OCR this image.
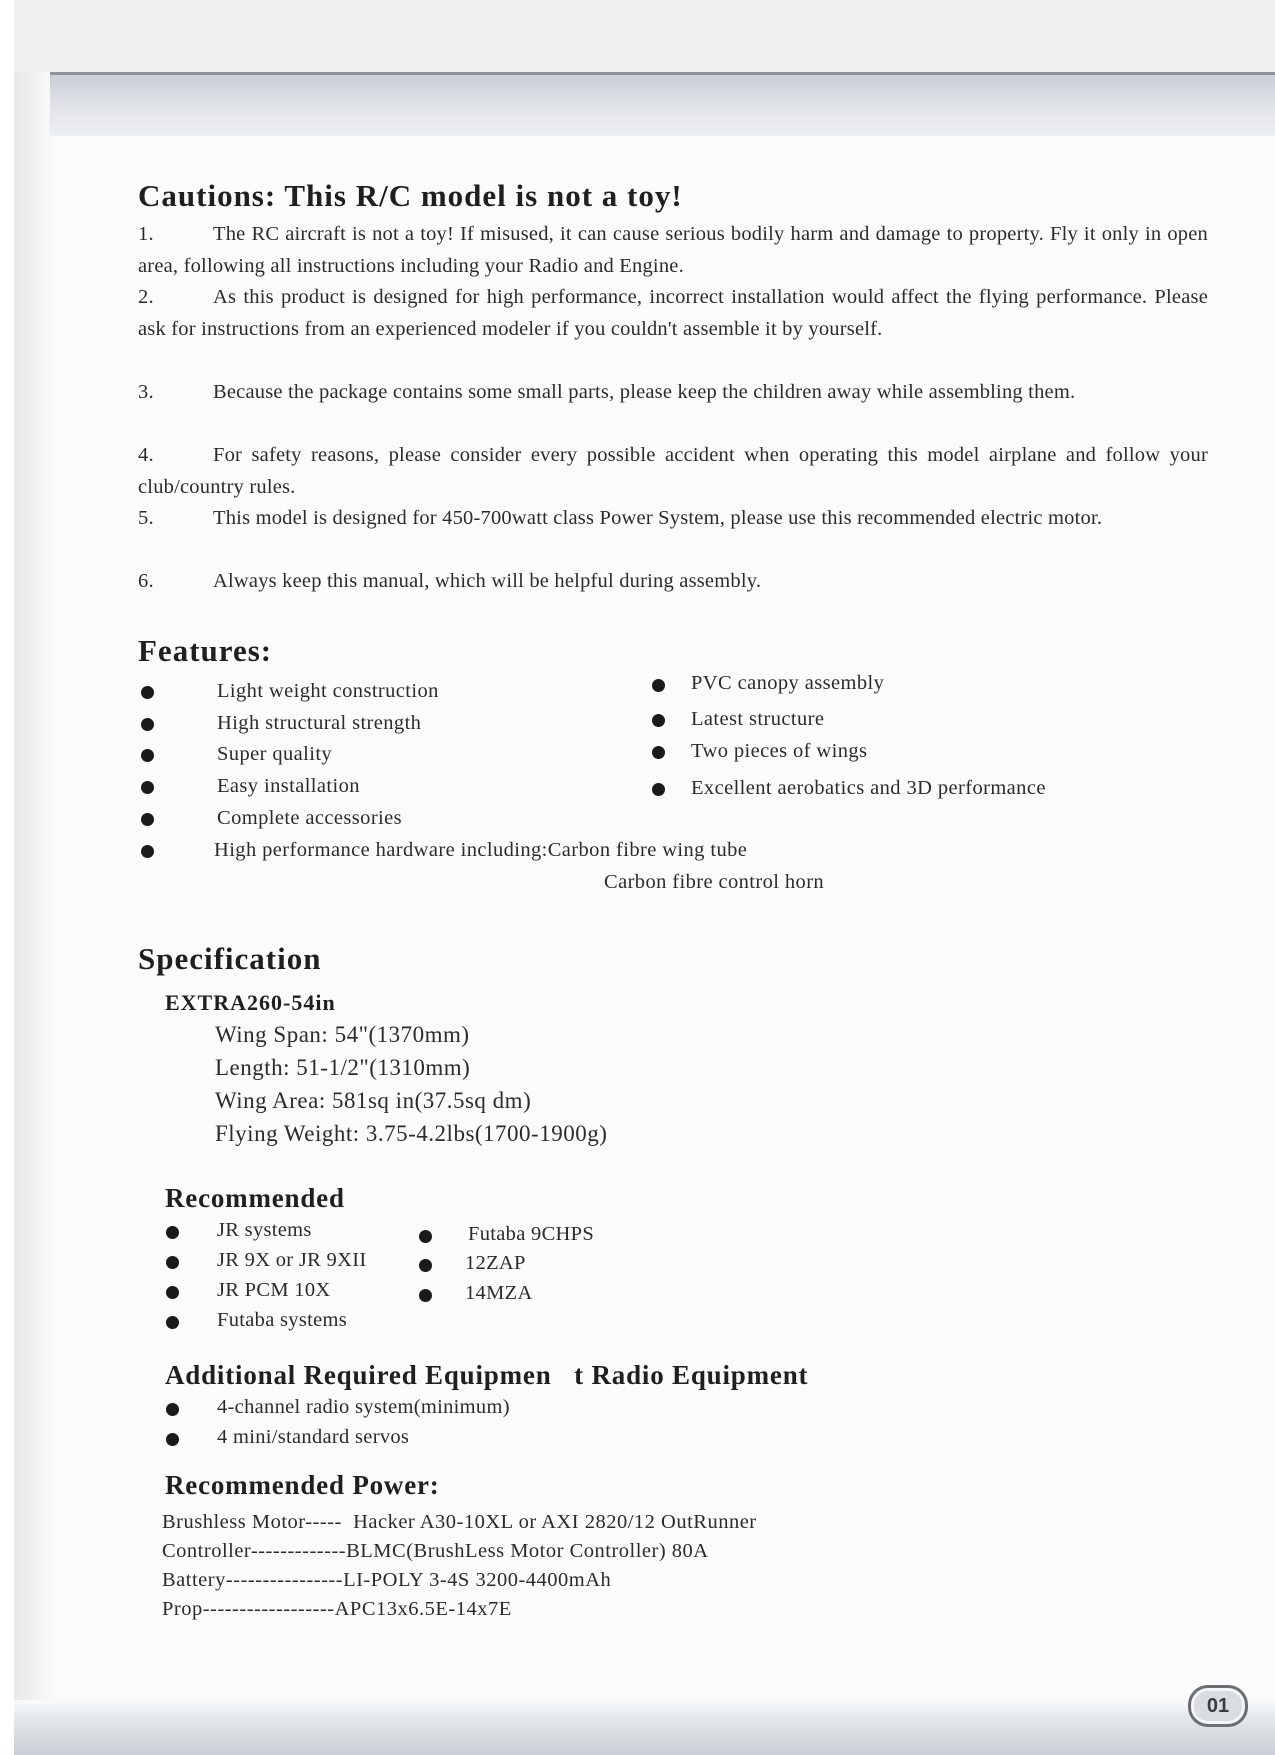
Cautions: This R/C model is not a toy!
1.	The RC aircraft is not a toy! If misused, it can cause serious bodily harm and damage to property. Fly it only in open area, following all instructions including your Radio and Engine.
2.	As this product is designed for high performance, incorrect installation would affect the flying performance. Please ask for instructions from an experienced modeler if you couldn't assemble it by yourself.
3.	Because the package contains some small parts, please keep the children away while assembling them.
4.	For safety reasons, please consider every possible accident when operating this model airplane and follow your club/country rules.
5.	This model is designed for 450-700watt class Power System, please use this recommended electric motor.
6.	Always keep this manual, which will be helpful during assembly.
Features:
Light weight construction
High structural strength
Super quality
Easy installation
Complete accessories
High performance hardware including:Carbon fibre wing tube
Carbon fibre control horn
PVC canopy assembly
Latest structure
Two pieces of wings
Excellent aerobatics and 3D performance
Specification
EXTRA260-54in
Wing Span: 54"(1370mm)
Length: 51-1/2"(1310mm)
Wing Area: 581sq in(37.5sq dm)
Flying Weight: 3.75-4.2lbs(1700-1900g)
Recommended
JR systems
JR 9X or JR 9XII
JR PCM 10X
Futaba systems
Futaba 9CHPS
12ZAP
14MZA
Additional Required Equipmen   t Radio Equipment
4-channel radio system(minimum)
4 mini/standard servos
Recommended Power:
Brushless Motor-----  Hacker A30-10XL or AXI 2820/12 OutRunner
Controller-------------BLMC(BrushLess Motor Controller) 80A
Battery----------------LI-POLY 3-4S 3200-4400mAh
Prop------------------APC13x6.5E-14x7E
01
